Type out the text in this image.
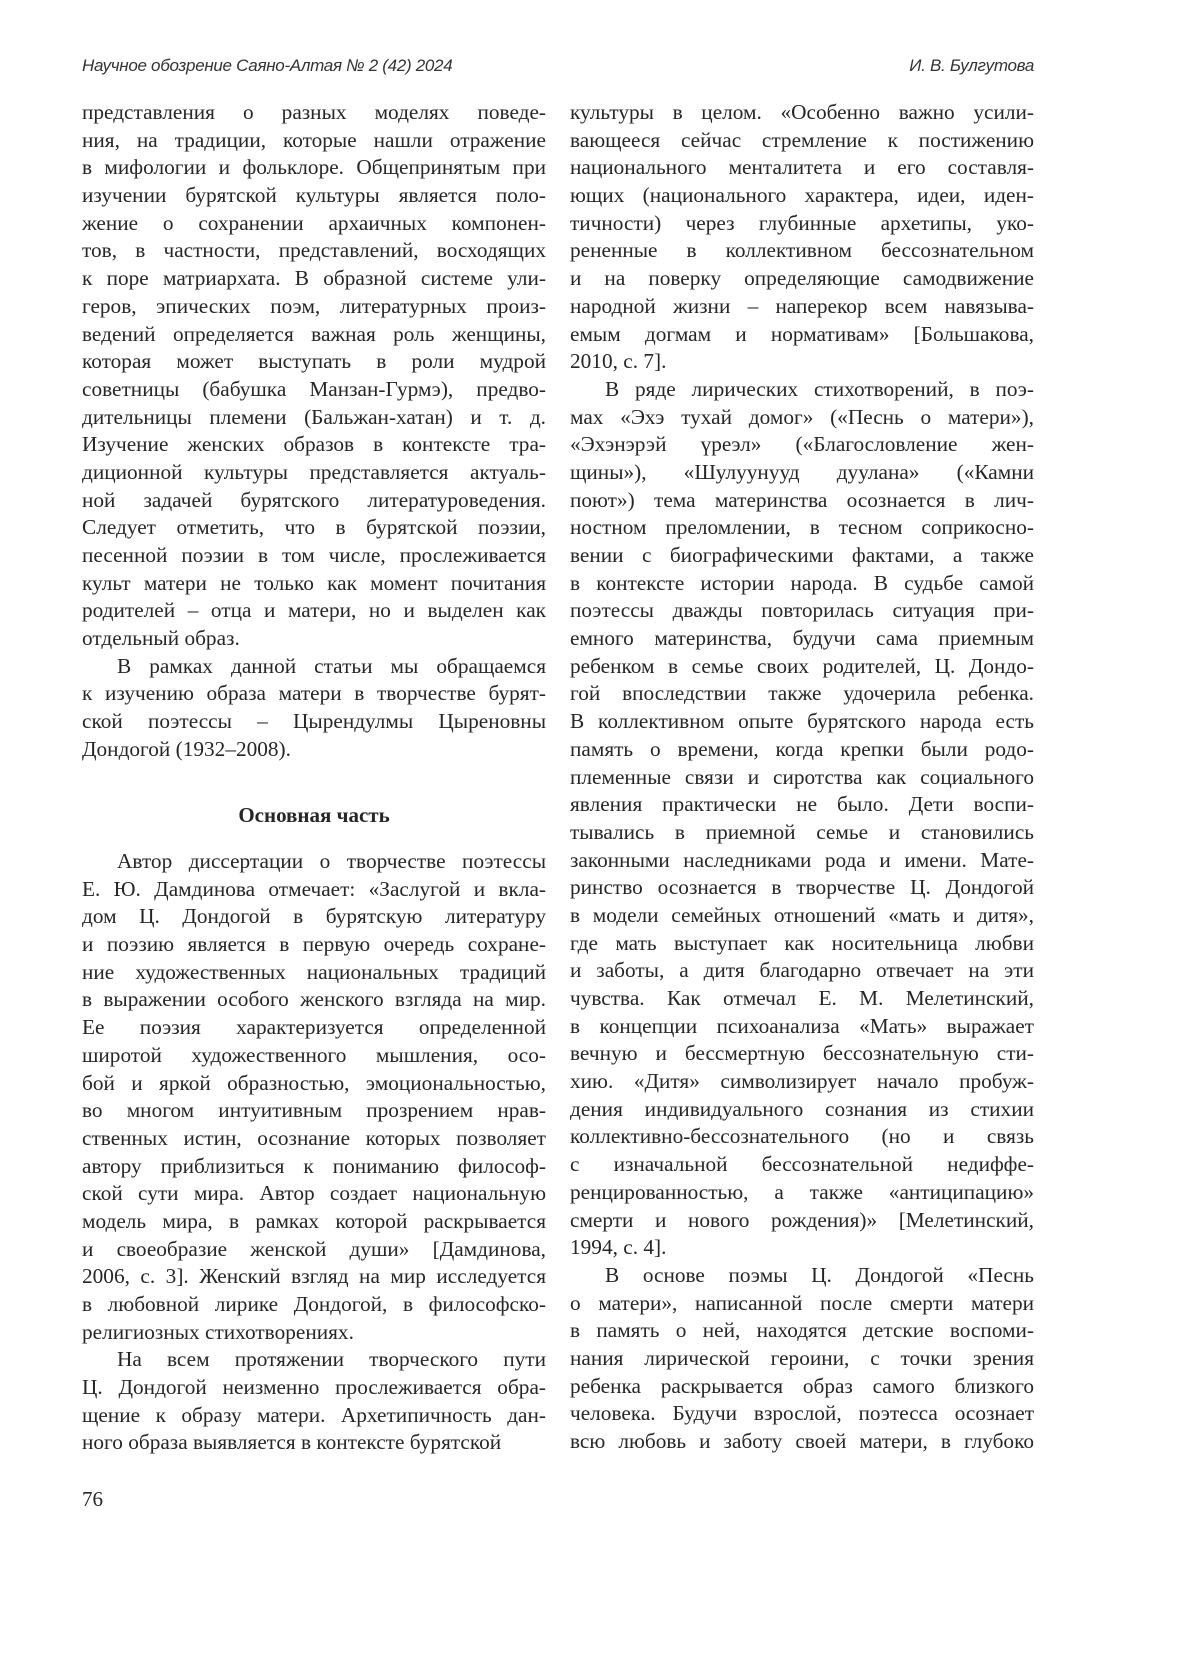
Научное обозрение Саяно-Алтая № 2 (42) 2024	И. В. Булгутова
представления о разных моделях поведе-
ния, на традиции, которые нашли отражение
в мифологии и фольклоре. Общепринятым при
изучении бурятской культуры является поло-
жение о сохранении архаичных компонен-
тов, в частности, представлений, восходящих
к поре матриархата. В образной системе ули-
геров, эпических поэм, литературных произ-
ведений определяется важная роль женщины,
которая может выступать в роли мудрой
советницы (бабушка Манзан-Гурмэ), предво-
дительницы племени (Бальжан-хатан) и т. д.
Изучение женских образов в контексте тра-
диционной культуры представляется актуаль-
ной задачей бурятского литературоведения.
Следует отметить, что в бурятской поэзии,
песенной поэзии в том числе, прослеживается
культ матери не только как момент почитания
родителей – отца и матери, но и выделен как
отдельный образ.
В рамках данной статьи мы обращаемся
к изучению образа матери в творчестве бурят-
ской поэтессы – Цырендулмы Цыреновны
Дондогой (1932–2008).
Основная часть
Автор диссертации о творчестве поэтессы
Е. Ю. Дамдинова отмечает: «Заслугой и вкла-
дом Ц. Дондогой в бурятскую литературу
и поэзию является в первую очередь сохране-
ние художественных национальных традиций
в выражении особого женского взгляда на мир.
Ее поэзия характеризуется определенной
широтой художественного мышления, осо-
бой и яркой образностью, эмоциональностью,
во многом интуитивным прозрением нрав-
ственных истин, осознание которых позволяет
автору приблизиться к пониманию философ-
ской сути мира. Автор создает национальную
модель мира, в рамках которой раскрывается
и своеобразие женской души» [Дамдинова,
2006, с. 3]. Женский взгляд на мир исследуется
в любовной лирике Дондогой, в философско-
религиозных стихотворениях.
На всем протяжении творческого пути
Ц. Дондогой неизменно прослеживается обра-
щение к образу матери. Архетипичность дан-
ного образа выявляется в контексте бурятской
культуры в целом. «Особенно важно усили-
вающееся сейчас стремление к постижению
национального менталитета и его составля-
ющих (национального характера, идеи, иден-
тичности) через глубинные архетипы, уко-
рененные в коллективном бессознательном
и на поверку определяющие самодвижение
народной жизни – наперекор всем навязыва-
емым догмам и нормативам» [Большакова,
2010, с. 7].
В ряде лирических стихотворений, в поэ-
мах «Эхэ тухай домог» («Песнь о матери»),
«Эхэнэрэй үреэл» («Благословление жен-
щины»), «Шулуунууд дуулана» («Камни
поют») тема материнства осознается в лич-
ностном преломлении, в тесном соприкосно-
вении с биографическими фактами, а также
в контексте истории народа. В судьбе самой
поэтессы дважды повторилась ситуация при-
емного материнства, будучи сама приемным
ребенком в семье своих родителей, Ц. Дондо-
гой впоследствии также удочерила ребенка.
В коллективном опыте бурятского народа есть
память о времени, когда крепки были родо-
племенные связи и сиротства как социального
явления практически не было. Дети воспи-
тывались в приемной семье и становились
законными наследниками рода и имени. Мате-
ринство осознается в творчестве Ц. Дондогой
в модели семейных отношений «мать и дитя»,
где мать выступает как носительница любви
и заботы, а дитя благодарно отвечает на эти
чувства. Как отмечал Е. М. Мелетинский,
в концепции психоанализа «Мать» выражает
вечную и бессмертную бессознательную сти-
хию. «Дитя» символизирует начало пробуж-
дения индивидуального сознания из стихии
коллективно-бессознательного (но и связь
с изначальной бессознательной недиффе-
ренцированностью, а также «антиципацию»
смерти и нового рождения)» [Мелетинский,
1994, с. 4].
В основе поэмы Ц. Дондогой «Песнь
о матери», написанной после смерти матери
в память о ней, находятся детские воспоми-
нания лирической героини, с точки зрения
ребенка раскрывается образ самого близкого
человека. Будучи взрослой, поэтесса осознает
всю любовь и заботу своей матери, в глубоко
76
